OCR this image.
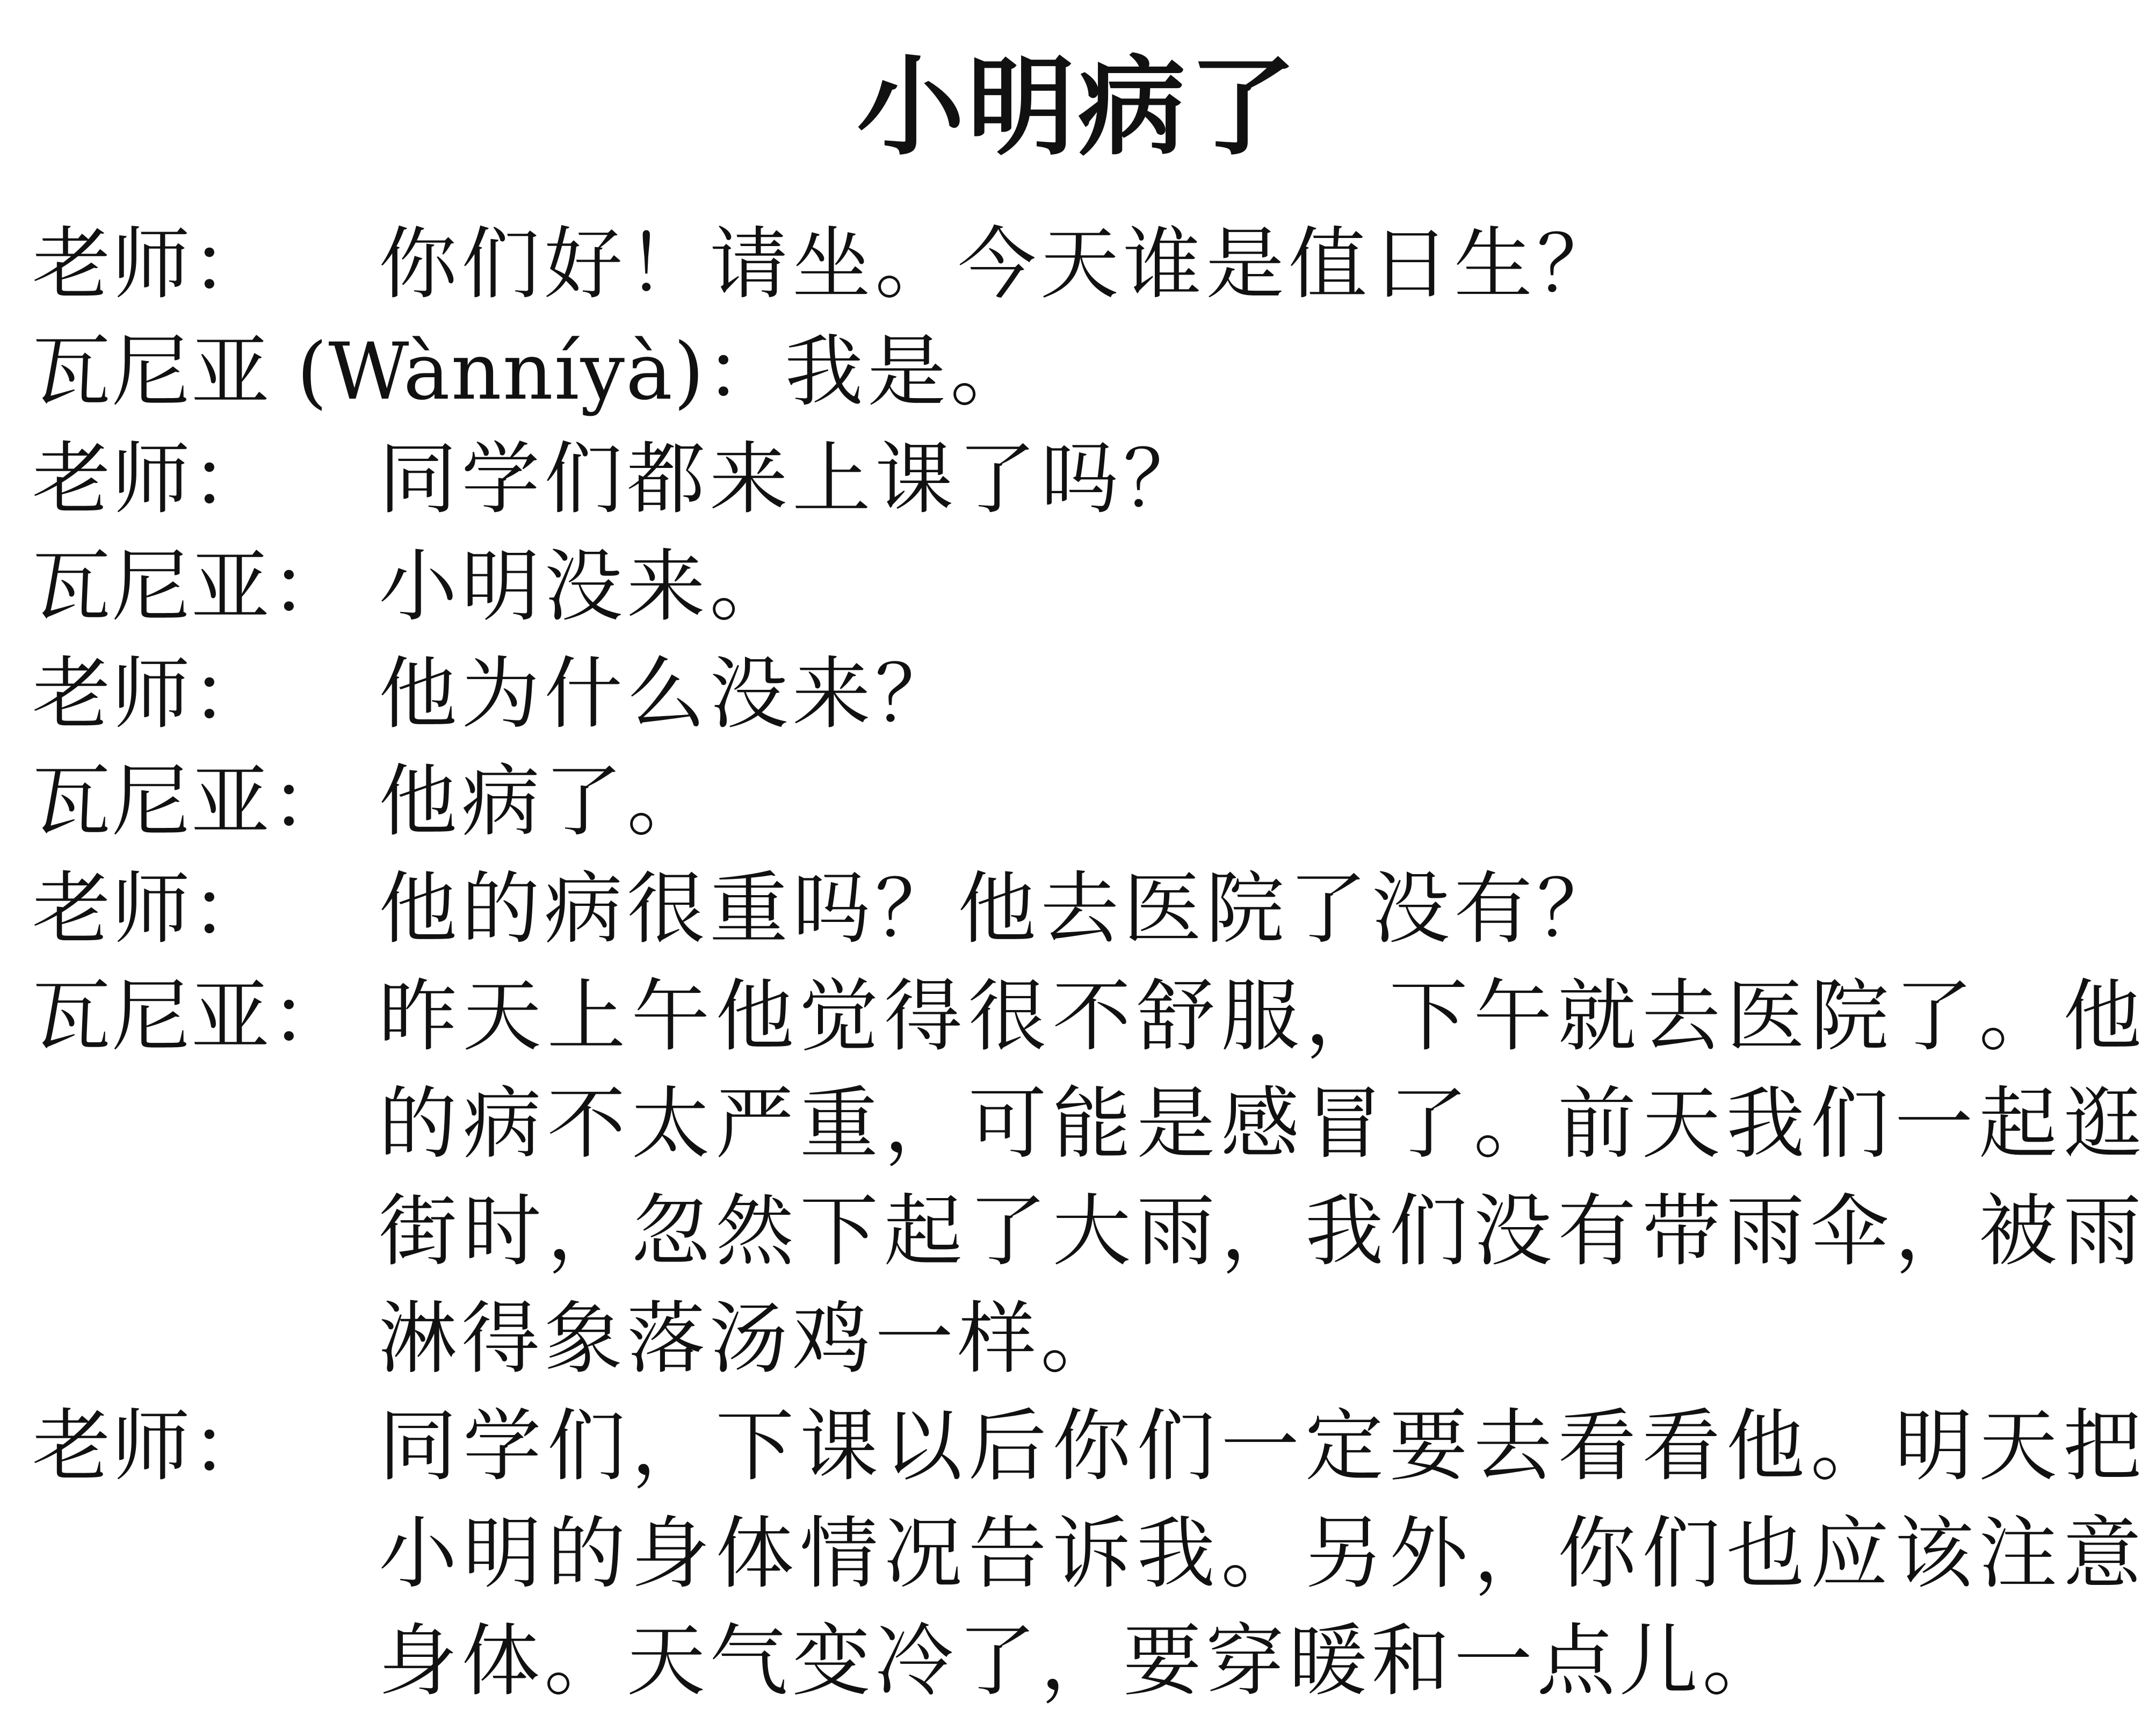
小明病了
老师：	你们好！请坐。今天谁是值日生？
瓦尼亚 (Wànníyà)： 我是。
老师：	同学们都来上课了吗？
瓦尼亚： 小明没来。
老师：	他为什么没来？
瓦尼亚： 他病了。
老师：	他的病很重吗？他去医院了没有？
瓦尼亚： 昨天上午他觉得很不舒服，下午就去医院了。他
的病不太严重，可能是感冒了。前天我们一起逛
街时，忽然下起了大雨，我们没有带雨伞，被雨
淋得象落汤鸡一样。
老师：	同学们，下课以后你们一定要去看看他。明天把
小明的身体情况告诉我。另外，你们也应该注意
身体。天气变冷了，要穿暖和一点儿。
